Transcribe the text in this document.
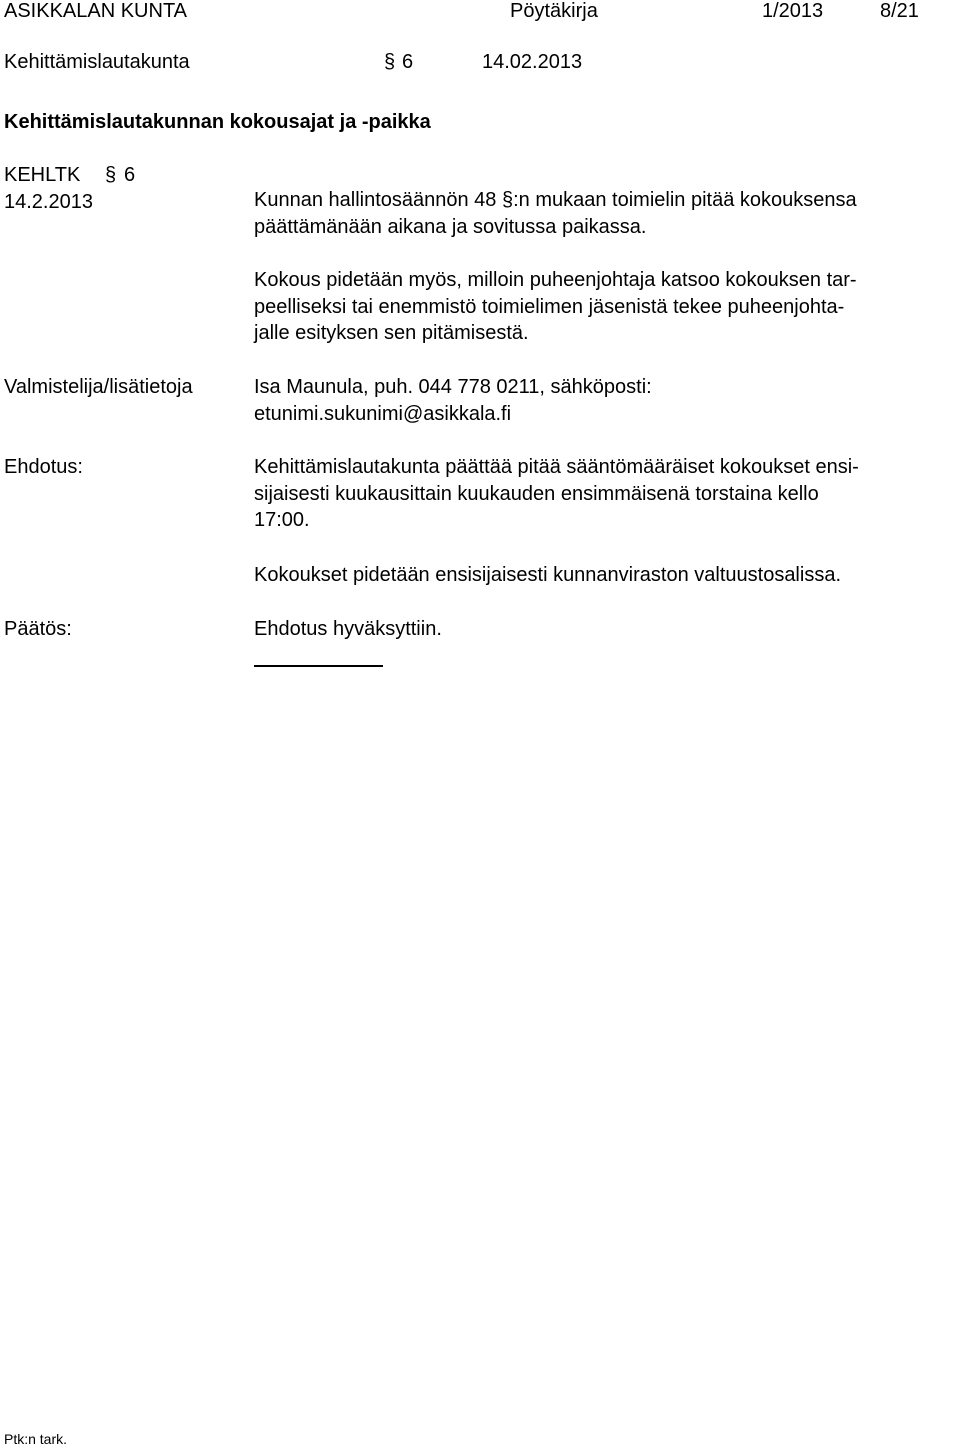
ASIKKALAN KUNTA	Pöytäkirja	1/2013	8/21
Kehittämislautakunta	§ 6	14.02.2013
Kehittämislautakunnan kokousajat ja -paikka
KEHLTK § 6
14.2.2013	Kunnan hallintosäännön 48 §:n mukaan toimielin pitää kokouksensa
päättämänään aikana ja sovitussa paikassa.
Kokous pidetään myös, milloin puheenjohtaja katsoo kokouksen tar-
peelliseksi tai enemmistö toimielimen jäsenistä tekee puheenjohta-
jalle esityksen sen pitämisestä.
Valmistelija/lisätietoja	Isa Maunula, puh. 044 778 0211, sähköposti:
etunimi.sukunimi@asikkala.fi
Ehdotus:	Kehittämislautakunta päättää pitää sääntömääräiset kokoukset ensi-
sijaisesti kuukausittain kuukauden ensimmäisenä torstaina kello
17:00.
Kokoukset pidetään ensisijaisesti kunnanviraston valtuustosalissa.
Päätös:	Ehdotus hyväksyttiin.
Ptk:n tark.
